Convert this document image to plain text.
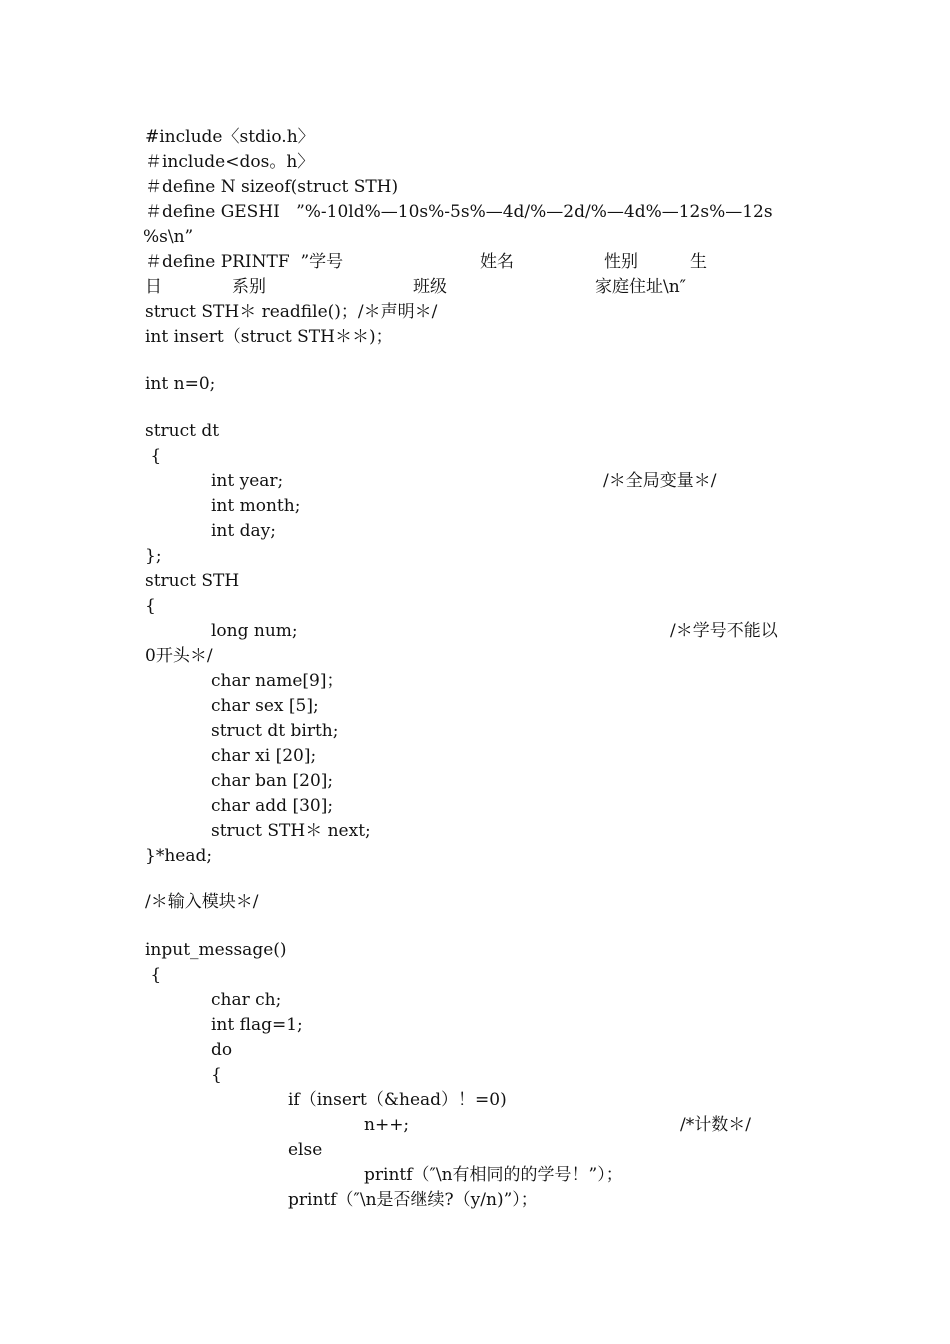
#include〈stdio.h〉
＃include<dos。h〉
＃define N sizeof(struct STH)
＃define GESHI   ”%-10ld%—10s%-5s%—4d/%—2d/%—4d%—12s%—12s
%s\n”
＃define PRINTF  ”学号	姓名	性别	生
日	系别	班级	家庭住址\n″
struct STH＊ readfile()；/＊声明＊/
int insert（struct STH＊＊)；
int n=0;
struct dt
{
int year;	/＊全局变量＊/
int month;
int day;
};
struct STH
{
long num;	/＊学号不能以
0开头＊/
char name[9]；
char sex [5];
struct dt birth;
char xi [20];
char ban [20];
char add [30];
struct STH＊ next;
}*head;
/＊输入模块＊/
input_message()
{
char ch;
int flag=1;
do
{
if（insert（&head）！=0)
n++;	/*计数＊/
else
printf（″\n有相同的的学号！”）；
printf（″\n是否继续?（y/n)”）；
